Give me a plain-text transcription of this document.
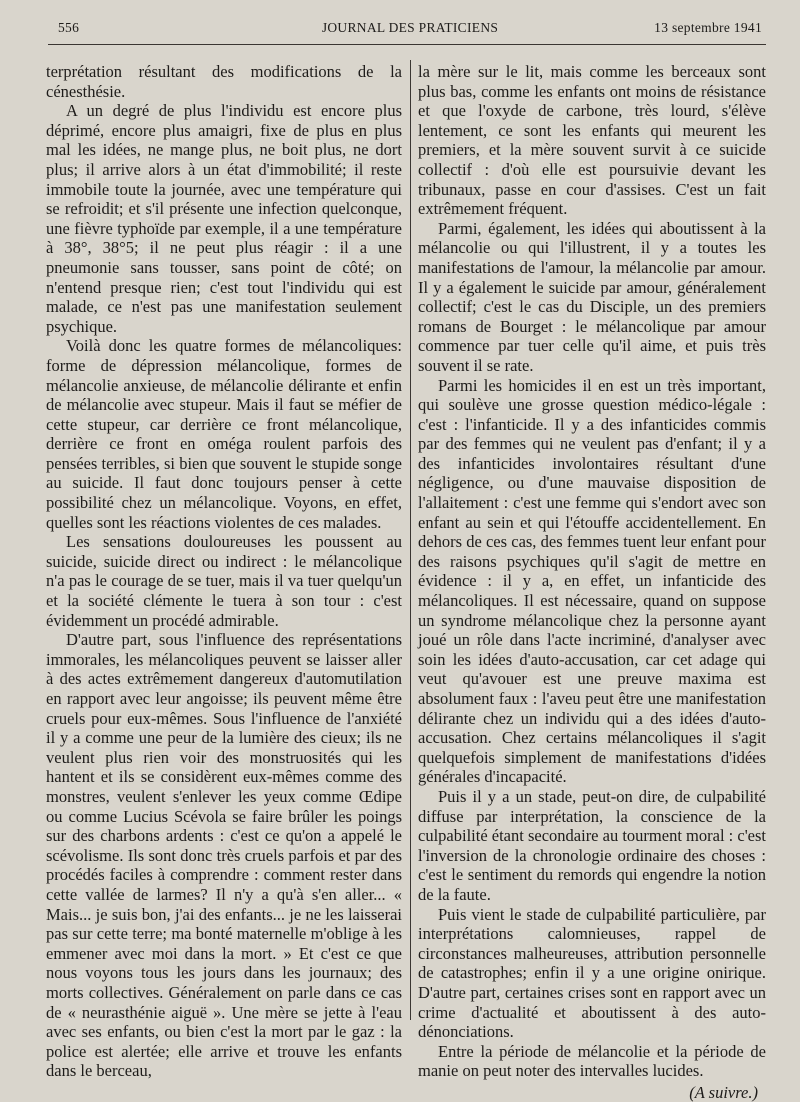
556	JOURNAL DES PRATICIENS	13 septembre 1941

terprétation résultant des modifications de la cénesthésie.

A un degré de plus l'individu est encore plus déprimé, encore plus amaigri, fixe de plus en plus mal les idées, ne mange plus, ne boit plus, ne dort plus; il arrive alors à un état d'immobilité; il reste immobile toute la journée, avec une température qui se refroidit; et s'il présente une infection quelconque, une fièvre typhoïde par exemple, il a une température à 38°, 38°5; il ne peut plus réagir : il a une pneumonie sans tousser, sans point de côté; on n'entend presque rien; c'est tout l'individu qui est malade, ce n'est pas une manifestation seulement psychique.

Voilà donc les quatre formes de mélancoliques: forme de dépression mélancolique, formes de mélancolie anxieuse, de mélancolie délirante et enfin de mélancolie avec stupeur. Mais il faut se méfier de cette stupeur, car derrière ce front mélancolique, derrière ce front en oméga roulent parfois des pensées terribles, si bien que souvent le stupide songe au suicide. Il faut donc toujours penser à cette possibilité chez un mélancolique. Voyons, en effet, quelles sont les réactions violentes de ces malades.

Les sensations douloureuses les poussent au suicide, suicide direct ou indirect : le mélancolique n'a pas le courage de se tuer, mais il va tuer quelqu'un et la société clémente le tuera à son tour : c'est évidemment un procédé admirable.

D'autre part, sous l'influence des représentations immorales, les mélancoliques peuvent se laisser aller à des actes extrêmement dangereux d'automutilation en rapport avec leur angoisse; ils peuvent même être cruels pour eux-mêmes. Sous l'influence de l'anxiété il y a comme une peur de la lumière des cieux; ils ne veulent plus rien voir des monstruosités qui les hantent et ils se considèrent eux-mêmes comme des monstres, veulent s'enlever les yeux comme Œdipe ou comme Lucius Scévola se faire brûler les poings sur des charbons ardents : c'est ce qu'on a appelé le scévolisme. Ils sont donc très cruels parfois et par des procédés faciles à comprendre : comment rester dans cette vallée de larmes? Il n'y a qu'à s'en aller... « Mais... je suis bon, j'ai des enfants... je ne les laisserai pas sur cette terre; ma bonté maternelle m'oblige à les emmener avec moi dans la mort. » Et c'est ce que nous voyons tous les jours dans les journaux; des morts collectives. Généralement on parle dans ce cas de « neurasthénie aiguë ». Une mère se jette à l'eau avec ses enfants, ou bien c'est la mort par le gaz : la police est alertée; elle arrive et trouve les enfants dans le berceau,

la mère sur le lit, mais comme les berceaux sont plus bas, comme les enfants ont moins de résistance et que l'oxyde de carbone, très lourd, s'élève lentement, ce sont les enfants qui meurent les premiers, et la mère souvent survit à ce suicide collectif : d'où elle est poursuivie devant les tribunaux, passe en cour d'assises. C'est un fait extrêmement fréquent.

Parmi, également, les idées qui aboutissent à la mélancolie ou qui l'illustrent, il y a toutes les manifestations de l'amour, la mélancolie par amour. Il y a également le suicide par amour, généralement collectif; c'est le cas du Disciple, un des premiers romans de Bourget : le mélancolique par amour commence par tuer celle qu'il aime, et puis très souvent il se rate.

Parmi les homicides il en est un très important, qui soulève une grosse question médico-légale : c'est : l'infanticide. Il y a des infanticides commis par des femmes qui ne veulent pas d'enfant; il y a des infanticides involontaires résultant d'une négligence, ou d'une mauvaise disposition de l'allaitement : c'est une femme qui s'endort avec son enfant au sein et qui l'étouffe accidentellement. En dehors de ces cas, des femmes tuent leur enfant pour des raisons psychiques qu'il s'agit de mettre en évidence : il y a, en effet, un infanticide des mélancoliques. Il est nécessaire, quand on suppose un syndrome mélancolique chez la personne ayant joué un rôle dans l'acte incriminé, d'analyser avec soin les idées d'auto-accusation, car cet adage qui veut qu'avouer est une preuve maxima est absolument faux : l'aveu peut être une manifestation délirante chez un individu qui a des idées d'auto-accusation. Chez certains mélancoliques il s'agit quelquefois simplement de manifestations d'idées générales d'incapacité.

Puis il y a un stade, peut-on dire, de culpabilité diffuse par interprétation, la conscience de la culpabilité étant secondaire au tourment moral : c'est l'inversion de la chronologie ordinaire des choses : c'est le sentiment du remords qui engendre la notion de la faute.

Puis vient le stade de culpabilité particulière, par interprétations calomnieuses, rappel de circonstances malheureuses, attribution personnelle de catastrophes; enfin il y a une origine onirique. D'autre part, certaines crises sont en rapport avec un crime d'actualité et aboutissent à des auto-dénonciations.

Entre la période de mélancolie et la période de manie on peut noter des intervalles lucides.

(A suivre.)
